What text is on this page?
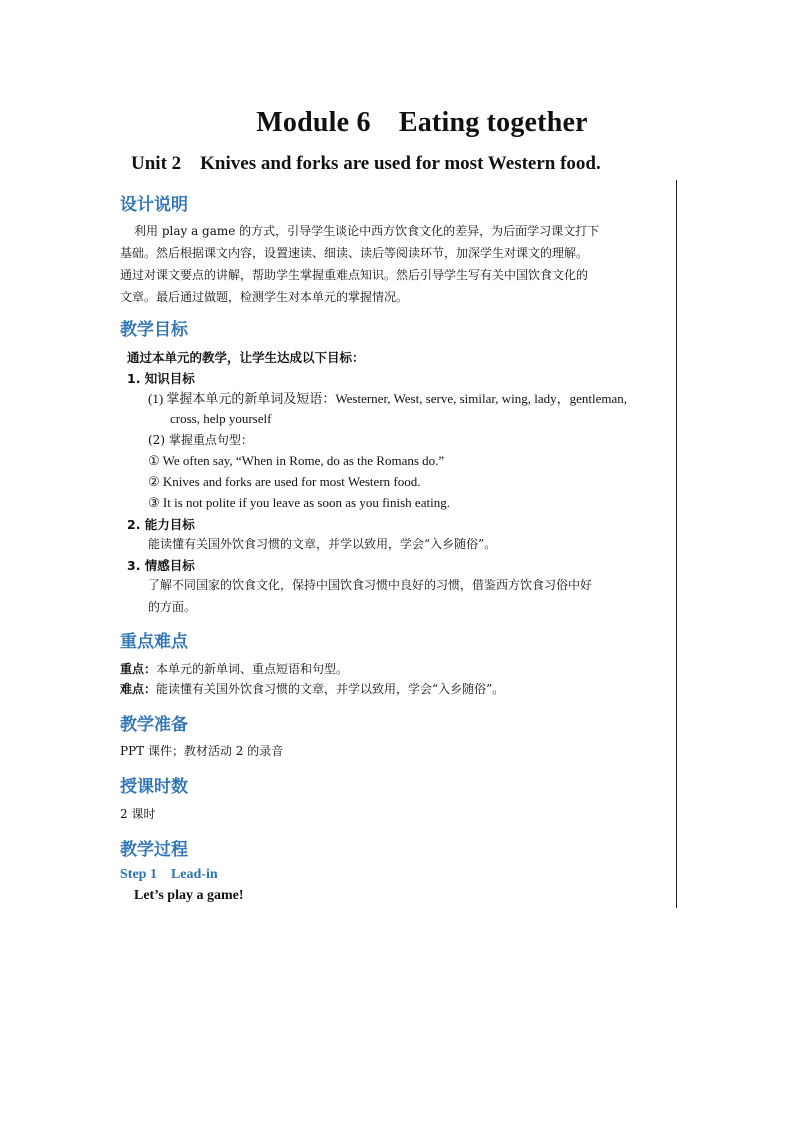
Module 6　Eating together
Unit 2　Knives and forks are used for most Western food.
设计说明
利用 play a game 的方式，引导学生谈论中西方饮食文化的差异，为后面学习课文打下
基础。然后根据课文内容，设置速读、细读、读后等阅读环节，加深学生对课文的理解。
通过对课文要点的讲解，帮助学生掌握重难点知识。然后引导学生写有关中国饮食文化的
文章。最后通过做题，检测学生对本单元的掌握情况。
教学目标
通过本单元的教学，让学生达成以下目标：
1. 知识目标
(1) 掌握本单元的新单词及短语：Westerner, West, serve, similar, wing, lady，gentleman,
cross, help yourself
(2) 掌握重点句型：
① We often say, “When in Rome, do as the Romans do.”
② Knives and forks are used for most Western food.
③ It is not polite if you leave as soon as you finish eating.
2. 能力目标
能读懂有关国外饮食习惯的文章，并学以致用，学会“入乡随俗”。
3. 情感目标
了解不同国家的饮食文化，保持中国饮食习惯中良好的习惯，借鉴西方饮食习俗中好
的方面。
重点难点
重点：本单元的新单词、重点短语和句型。
难点：能读懂有关国外饮食习惯的文章，并学以致用，学会“入乡随俗”。
教学准备
PPT 课件；教材活动 2 的录音
授课时数
2 课时
教学过程
Step 1 Lead-in
Let’s play a game!
